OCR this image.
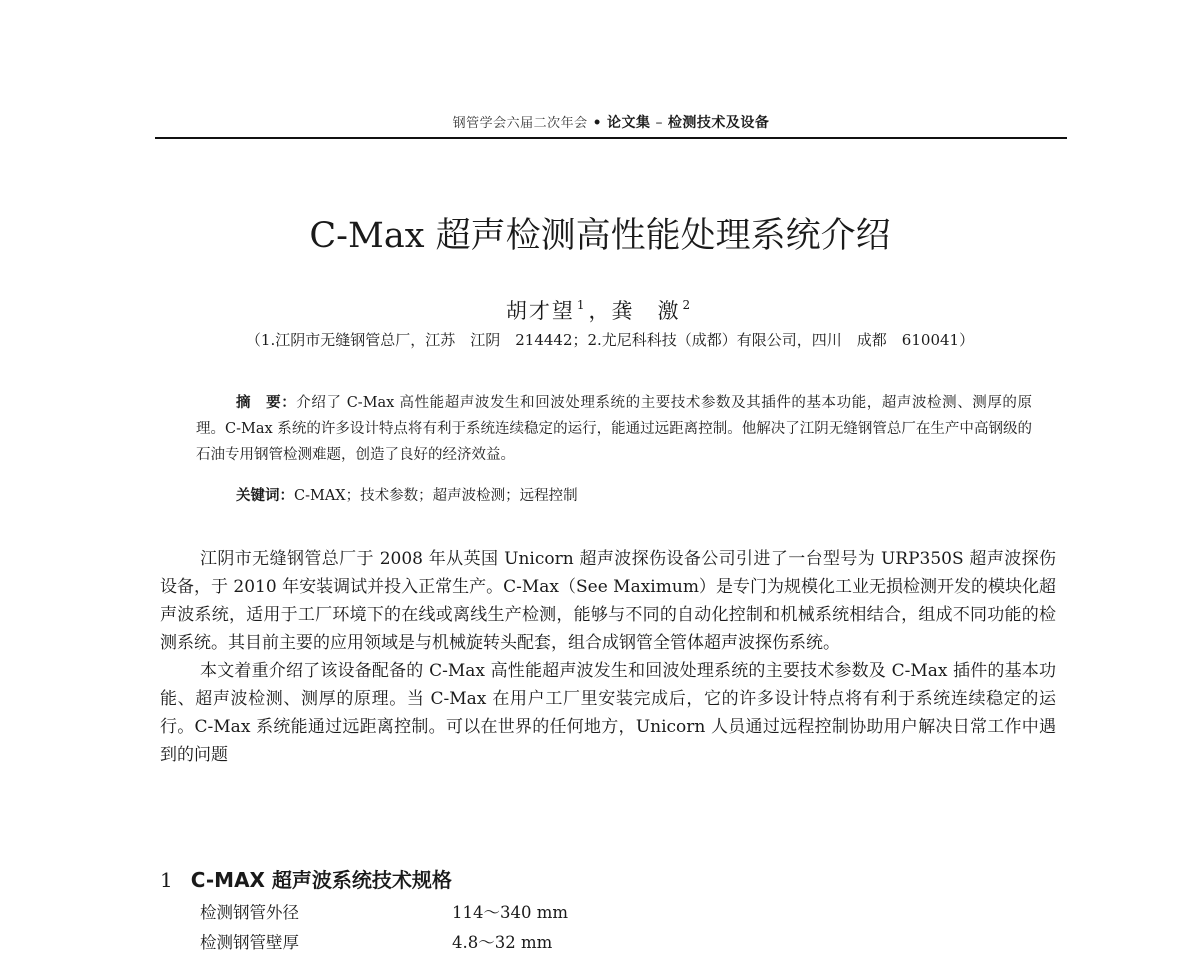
钢管学会六届二次年会 • 论文集 – 检测技术及设备
C-Max 超声检测高性能处理系统介绍
胡才望 $^1$，龚　激 $^2$
（1.江阴市无缝钢管总厂，江苏　江阴　214442；2.尤尼科科技（成都）有限公司，四川　成都　610041）

摘　要：介绍了 C-Max 高性能超声波发生和回波处理系统的主要技术参数及其插件的基本功能，超声波检测、测厚的原理。C-Max 系统的许多设计特点将有利于系统连续稳定的运行，能通过远距离控制。他解决了江阴无缝钢管总厂在生产中高钢级的石油专用钢管检测难题，创造了良好的经济效益。

关键词：C-MAX；技术参数；超声波检测；远程控制

江阴市无缝钢管总厂于 2008 年从英国 Unicorn 超声波探伤设备公司引进了一台型号为 URP350S 超声波探伤设备，于 2010 年安装调试并投入正常生产。C-Max（See Maximum）是专门为规模化工业无损检测开发的模块化超声波系统，适用于工厂环境下的在线或离线生产检测，能够与不同的自动化控制和机械系统相结合，组成不同功能的检测系统。其目前主要的应用领域是与机械旋转头配套，组合成钢管全管体超声波探伤系统。

本文着重介绍了该设备配备的 C-Max 高性能超声波发生和回波处理系统的主要技术参数及 C-Max 插件的基本功能、超声波检测、测厚的原理。当 C-Max 在用户工厂里安装完成后，它的许多设计特点将有利于系统连续稳定的运行。C-Max 系统能通过远距离控制。可以在世界的任何地方，Unicorn 人员通过远程控制协助用户解决日常工作中遇到的问题

1 C-MAX 超声波系统技术规格
检测钢管外径	114～340 mm
检测钢管壁厚	4.8～32 mm
